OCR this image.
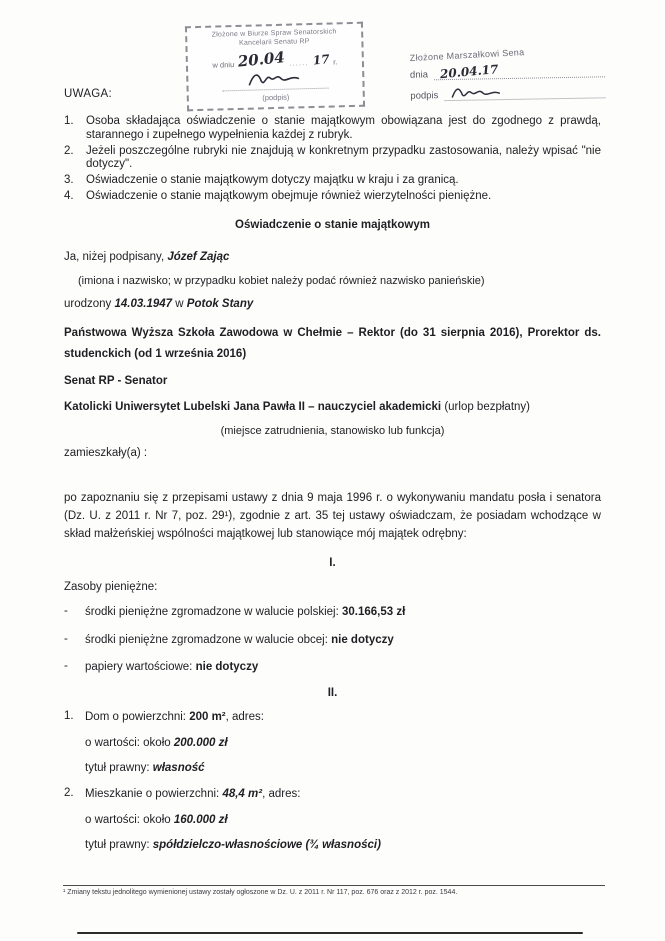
Złożone w Biurze Spraw Senatorskich
Kancelarii Senatu RP
w dniu 20.04 ...... 17 r.
(podpis)
Złożone Marszałkowi Sena
dnia 20.04.17
podpis
UWAGA:
1.	Osoba składająca oświadczenie o stanie majątkowym obowiązana jest do zgodnego z prawdą, starannego i zupełnego wypełnienia każdej z rubryk.
2.	Jeżeli poszczególne rubryki nie znajdują w konkretnym przypadku zastosowania, należy wpisać "nie dotyczy".
3.	Oświadczenie o stanie majątkowym dotyczy majątku w kraju i za granicą.
4.	Oświadczenie o stanie majątkowym obejmuje również wierzytelności pieniężne.
Oświadczenie o stanie majątkowym
Ja, niżej podpisany, Józef Zając
(imiona i nazwisko; w przypadku kobiet należy podać również nazwisko panieńskie)
urodzony 14.03.1947 w Potok Stany
Państwowa Wyższa Szkoła Zawodowa w Chełmie – Rektor (do 31 sierpnia 2016), Prorektor ds. studenckich (od 1 września 2016)
Senat RP - Senator
Katolicki Uniwersytet Lubelski Jana Pawła II – nauczyciel akademicki (urlop bezpłatny)
(miejsce zatrudnienia, stanowisko lub funkcja)
zamieszkały(a) :
po zapoznaniu się z przepisami ustawy z dnia 9 maja 1996 r. o wykonywaniu mandatu posła i senatora (Dz. U. z 2011 r. Nr 7, poz. 29¹), zgodnie z art. 35 tej ustawy oświadczam, że posiadam wchodzące w skład małżeńskiej wspólności majątkowej lub stanowiące mój majątek odrębny:
I.
Zasoby pieniężne:
-	środki pieniężne zgromadzone w walucie polskiej: 30.166,53 zł
-	środki pieniężne zgromadzone w walucie obcej: nie dotyczy
-	papiery wartościowe: nie dotyczy
II.
1. Dom o powierzchni: 200 m², adres:
o wartości: około 200.000 zł
tytuł prawny: własność
2. Mieszkanie o powierzchni: 48,4 m², adres:
o wartości: około 160.000 zł
tytuł prawny: spółdzielczo-własnościowe (¾ własności)
¹ Zmiany tekstu jednolitego wymienionej ustawy zostały ogłoszone w Dz. U. z 2011 r. Nr 117, poz. 676 oraz z 2012 r. poz. 1544.
